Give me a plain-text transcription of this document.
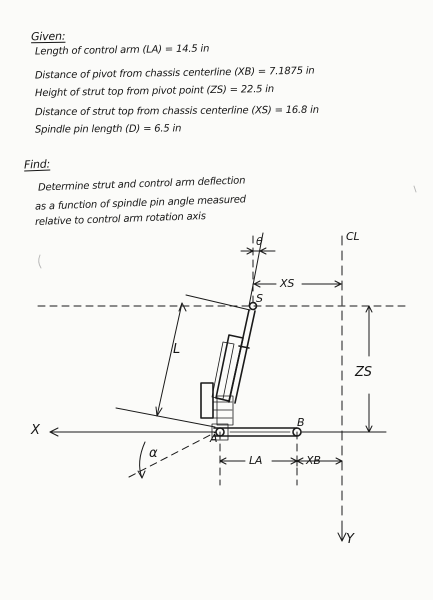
Given:
Length of control arm (LA) = 14.5 in
Distance of pivot from chassis centerline (XB) = 7.1875 in
Height of strut top from pivot point (ZS) = 22.5 in
Distance of strut top from chassis centerline (XS) = 16.8 in
Spindle pin length (D) = 6.5 in
Find:
Determine strut and control arm deflection
as a function of spindle pin angle measured
relative to control arm rotation axis
θ	CL
XS
S
L
ZS
B
X
A
α	LA	XB
Y
